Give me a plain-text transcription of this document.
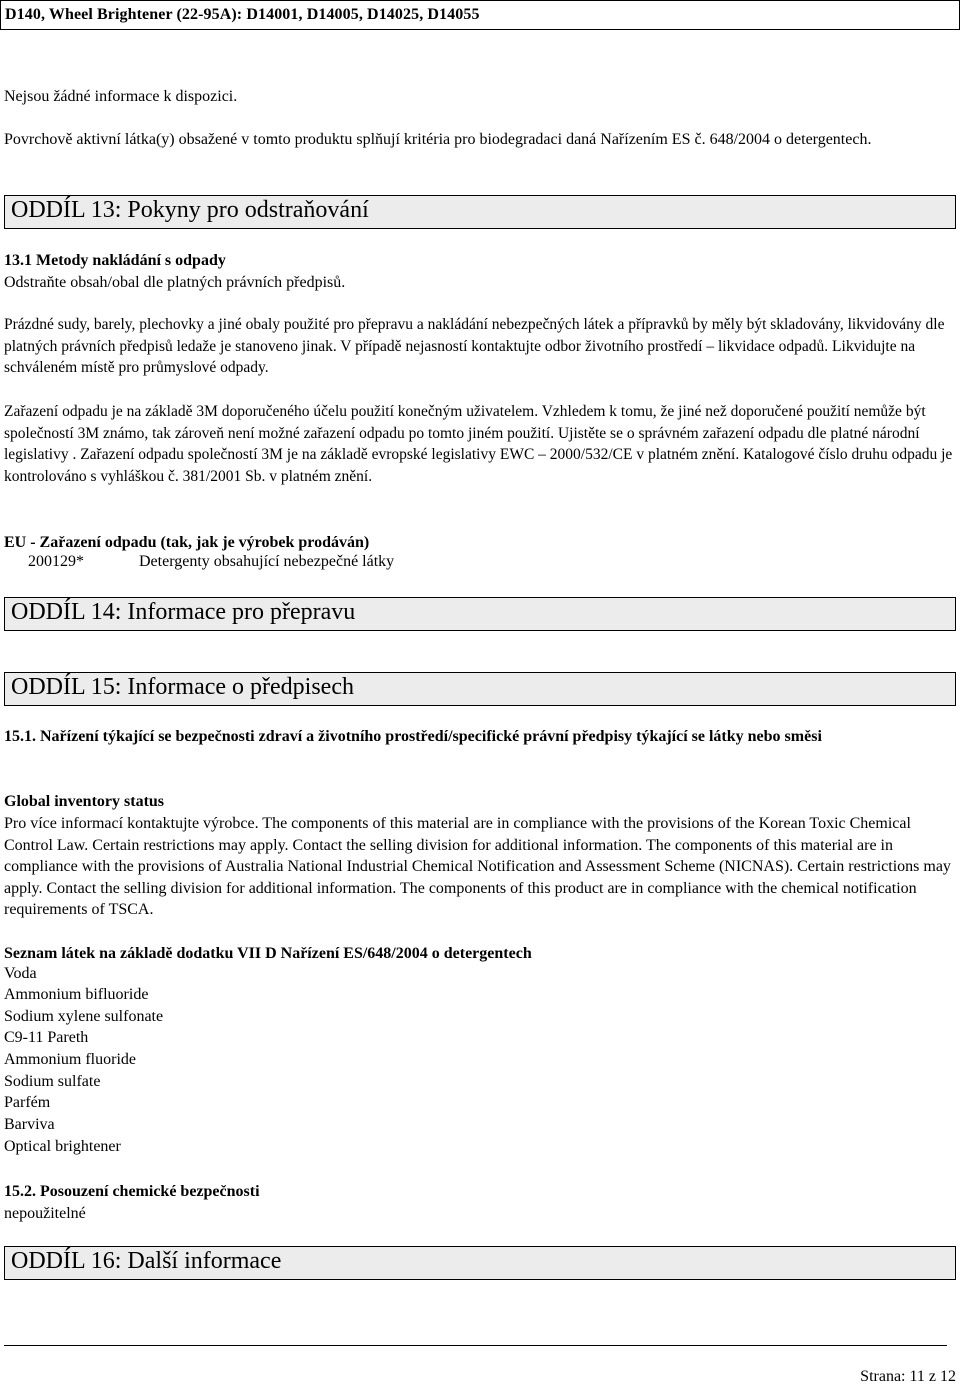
D140, Wheel Brightener (22-95A): D14001, D14005, D14025, D14055

Nejsou žádné informace k dispozici.

Povrchově aktivní látka(y) obsažené v tomto produktu splňují kritéria pro biodegradaci daná Nařízením ES č. 648/2004 o detergentech.

ODDÍL 13: Pokyny pro odstraňování

13.1 Metody nakládání s odpady

Odstraňte obsah/obal dle platných právních předpisů.

Prázdné sudy, barely, plechovky a jiné obaly použité pro přepravu a nakládání nebezpečných látek a přípravků by měly být skladovány, likvidovány dle platných právních předpisů ledaže je stanoveno jinak. V případě nejasností kontaktujte odbor životního prostředí – likvidace odpadů. Likvidujte na schváleném místě pro průmyslové odpady.

Zařazení odpadu je na základě 3M doporučeného účelu použití konečným uživatelem. Vzhledem k tomu, že jiné než doporučené použití nemůže být společností 3M známo, tak zároveň není možné zařazení odpadu po tomto jiném použití. Ujistěte se o správném zařazení odpadu dle platné národní legislativy . Zařazení odpadu společností 3M je na základě evropské legislativy EWC – 2000/532/CE v platném znění. Katalogové číslo druhu odpadu je kontrolováno s vyhláškou č. 381/2001 Sb. v platném znění.

EU - Zařazení odpadu (tak, jak je výrobek prodáván)

200129*	Detergenty obsahující nebezpečné látky
ODDÍL 14: Informace pro přepravu
ODDÍL 15: Informace o předpisech

15.1. Nařízení týkající se bezpečnosti zdraví a životního prostředí/specifické právní předpisy týkající se látky nebo směsi

Global inventory status

Pro více informací kontaktujte výrobce. The components of this material are in compliance with the provisions of the Korean Toxic Chemical Control Law. Certain restrictions may apply. Contact the selling division for additional information. The components of this material are in compliance with the provisions of Australia National Industrial Chemical Notification and Assessment Scheme (NICNAS). Certain restrictions may apply. Contact the selling division for additional information. The components of this product are in compliance with the chemical notification requirements of TSCA.

Seznam látek na základě dodatku VII D Nařízení ES/648/2004 o detergentech

Voda
Ammonium bifluoride
Sodium xylene sulfonate
C9-11 Pareth
Ammonium fluoride
Sodium sulfate
Parfém
Barviva
Optical brightener

15.2. Posouzení chemické bezpečnosti

nepoužitelné

ODDÍL 16: Další informace
Strana: 11 z 12
